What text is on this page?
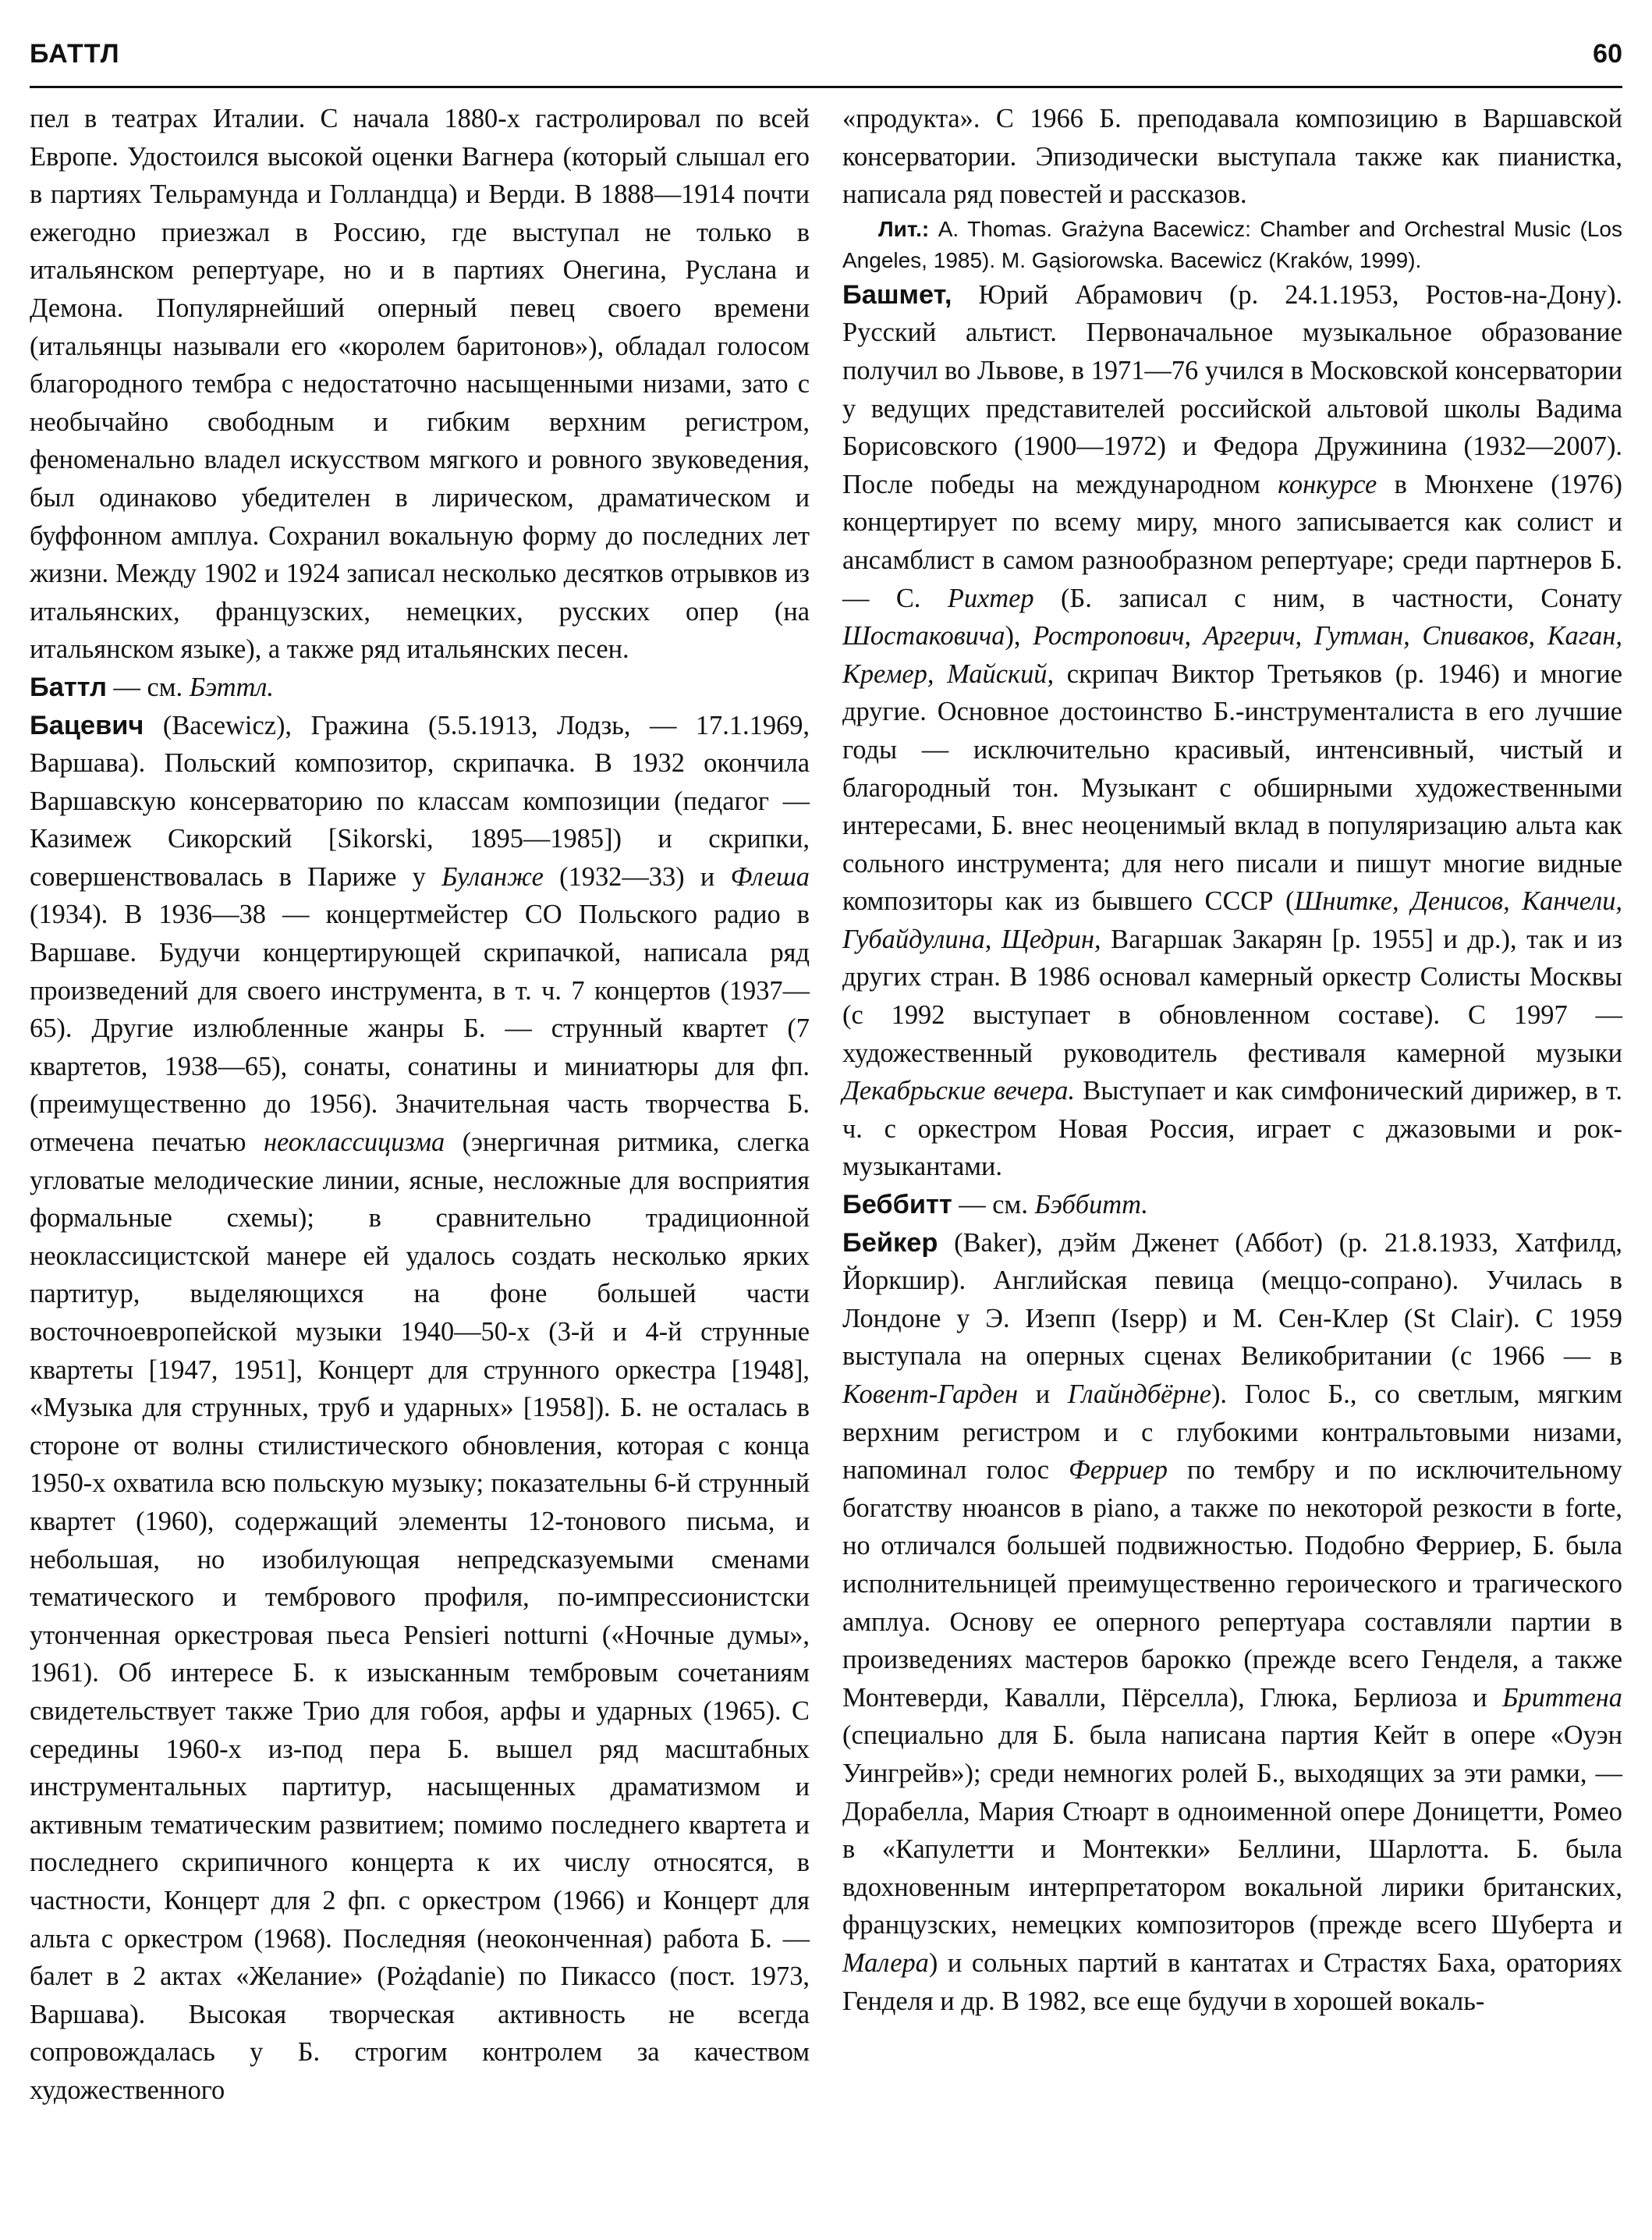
БАТТЛ	60

пел в театрах Италии. С начала 1880-х гастролировал по всей Европе. Удостоился высокой оценки Вагнера (который слышал его в партиях Тельрамунда и Голландца) и Верди. В 1888—1914 почти ежегодно приезжал в Россию, где выступал не только в итальянском репертуаре, но и в партиях Онегина, Руслана и Демона. Популярнейший оперный певец своего времени (итальянцы называли его «королем баритонов»), обладал голосом благородного тембра с недостаточно насыщенными низами, зато с необычайно свободным и гибким верхним регистром, феноменально владел искусством мягкого и ровного звуковедения, был одинаково убедителен в лирическом, драматическом и буффонном амплуа. Сохранил вокальную форму до последних лет жизни. Между 1902 и 1924 записал несколько десятков отрывков из итальянских, французских, немецких, русских опер (на итальянском языке), а также ряд итальянских песен.

Баттл — см. Бэттл.

Бацевич (Bacewicz), Гражина (5.5.1913, Лодзь, — 17.1.1969, Варшава). Польский композитор, скрипачка. В 1932 окончила Варшавскую консерваторию по классам композиции (педагог — Казимеж Сикорский [Sikorski, 1895—1985]) и скрипки, совершенствовалась в Париже у Буланже (1932—33) и Флеша (1934). В 1936—38 — концертмейстер СО Польского радио в Варшаве. Будучи концертирующей скрипачкой, написала ряд произведений для своего инструмента, в т. ч. 7 концертов (1937—65). Другие излюбленные жанры Б. — струнный квартет (7 квартетов, 1938—65), сонаты, сонатины и миниатюры для фп. (преимущественно до 1956). Значительная часть творчества Б. отмечена печатью неоклассицизма (энергичная ритмика, слегка угловатые мелодические линии, ясные, несложные для восприятия формальные схемы); в сравнительно традиционной неоклассицистской манере ей удалось создать несколько ярких партитур, выделяющихся на фоне большей части восточноевропейской музыки 1940—50-х (3-й и 4-й струнные квартеты [1947, 1951], Концерт для струнного оркестра [1948], «Музыка для струнных, труб и ударных» [1958]). Б. не осталась в стороне от волны стилистического обновления, которая с конца 1950-х охватила всю польскую музыку; показательны 6-й струнный квартет (1960), содержащий элементы 12-тонового письма, и небольшая, но изобилующая непредсказуемыми сменами тематического и тембрового профиля, по-импрессионистски утонченная оркестровая пьеса Pensieri notturni («Ночные думы», 1961). Об интересе Б. к изысканным тембровым сочетаниям свидетельствует также Трио для гобоя, арфы и ударных (1965). С середины 1960-х из-под пера Б. вышел ряд масштабных инструментальных партитур, насыщенных драматизмом и активным тематическим развитием; помимо последнего квартета и последнего скрипичного концерта к их числу относятся, в частности, Концерт для 2 фп. с оркестром (1966) и Концерт для альта с оркестром (1968). Последняя (неоконченная) работа Б. — балет в 2 актах «Желание» (Pożądanie) по Пикассо (пост. 1973, Варшава). Высокая творческая активность не всегда сопровождалась у Б. строгим контролем за качеством художественного

«продукта». С 1966 Б. преподавала композицию в Варшавской консерватории. Эпизодически выступала также как пианистка, написала ряд повестей и рассказов.

Лит.: A. Thomas. Grażyna Bacewicz: Chamber and Orchestral Music (Los Angeles, 1985). M. Gąsiorowska. Bacewicz (Kraków, 1999).

Башмет, Юрий Абрамович (р. 24.1.1953, Ростов-на-Дону). Русский альтист. Первоначальное музыкальное образование получил во Львове, в 1971—76 учился в Московской консерватории у ведущих представителей российской альтовой школы Вадима Борисовского (1900—1972) и Федора Дружинина (1932—2007). После победы на международном конкурсе в Мюнхене (1976) концертирует по всему миру, много записывается как солист и ансамблист в самом разнообразном репертуаре; среди партнеров Б. — С. Рихтер (Б. записал с ним, в частности, Сонату Шостаковича), Ростропович, Аргерич, Гутман, Спиваков, Каган, Кремер, Майский, скрипач Виктор Третьяков (р. 1946) и многие другие. Основное достоинство Б.-инструменталиста в его лучшие годы — исключительно красивый, интенсивный, чистый и благородный тон. Музыкант с обширными художественными интересами, Б. внес неоценимый вклад в популяризацию альта как сольного инструмента; для него писали и пишут многие видные композиторы как из бывшего СССР (Шнитке, Денисов, Канчели, Губайдулина, Щедрин, Вагаршак Закарян [р. 1955] и др.), так и из других стран. В 1986 основал камерный оркестр Солисты Москвы (с 1992 выступает в обновленном составе). С 1997 — художественный руководитель фестиваля камерной музыки Декабрьские вечера. Выступает и как симфонический дирижер, в т. ч. с оркестром Новая Россия, играет с джазовыми и рок-музыкантами.

Беббитт — см. Бэббитт.

Бейкер (Baker), дэйм Дженет (Аббот) (р. 21.8.1933, Хатфилд, Йоркшир). Английская певица (меццо-сопрано). Училась в Лондоне у Э. Изепп (Isepp) и М. Сен-Клер (St Clair). С 1959 выступала на оперных сценах Великобритании (с 1966 — в Ковент-Гарден и Глайндбёрне). Голос Б., со светлым, мягким верхним регистром и с глубокими контральтовыми низами, напоминал голос Ферриер по тембру и по исключительному богатству нюансов в piano, а также по некоторой резкости в forte, но отличался большей подвижностью. Подобно Ферриер, Б. была исполнительницей преимущественно героического и трагического амплуа. Основу ее оперного репертуара составляли партии в произведениях мастеров барокко (прежде всего Генделя, а также Монтеверди, Кавалли, Пёрселла), Глюка, Берлиоза и Бриттена (специально для Б. была написана партия Кейт в опере «Оуэн Уингрейв»); среди немногих ролей Б., выходящих за эти рамки, — Дорабелла, Мария Стюарт в одноименной опере Доницетти, Ромео в «Капулетти и Монтекки» Беллини, Шарлотта. Б. была вдохновенным интерпретатором вокальной лирики британских, французских, немецких композиторов (прежде всего Шуберта и Малера) и сольных партий в кантатах и Страстях Баха, ораториях Генделя и др. В 1982, все еще будучи в хорошей вокаль-
